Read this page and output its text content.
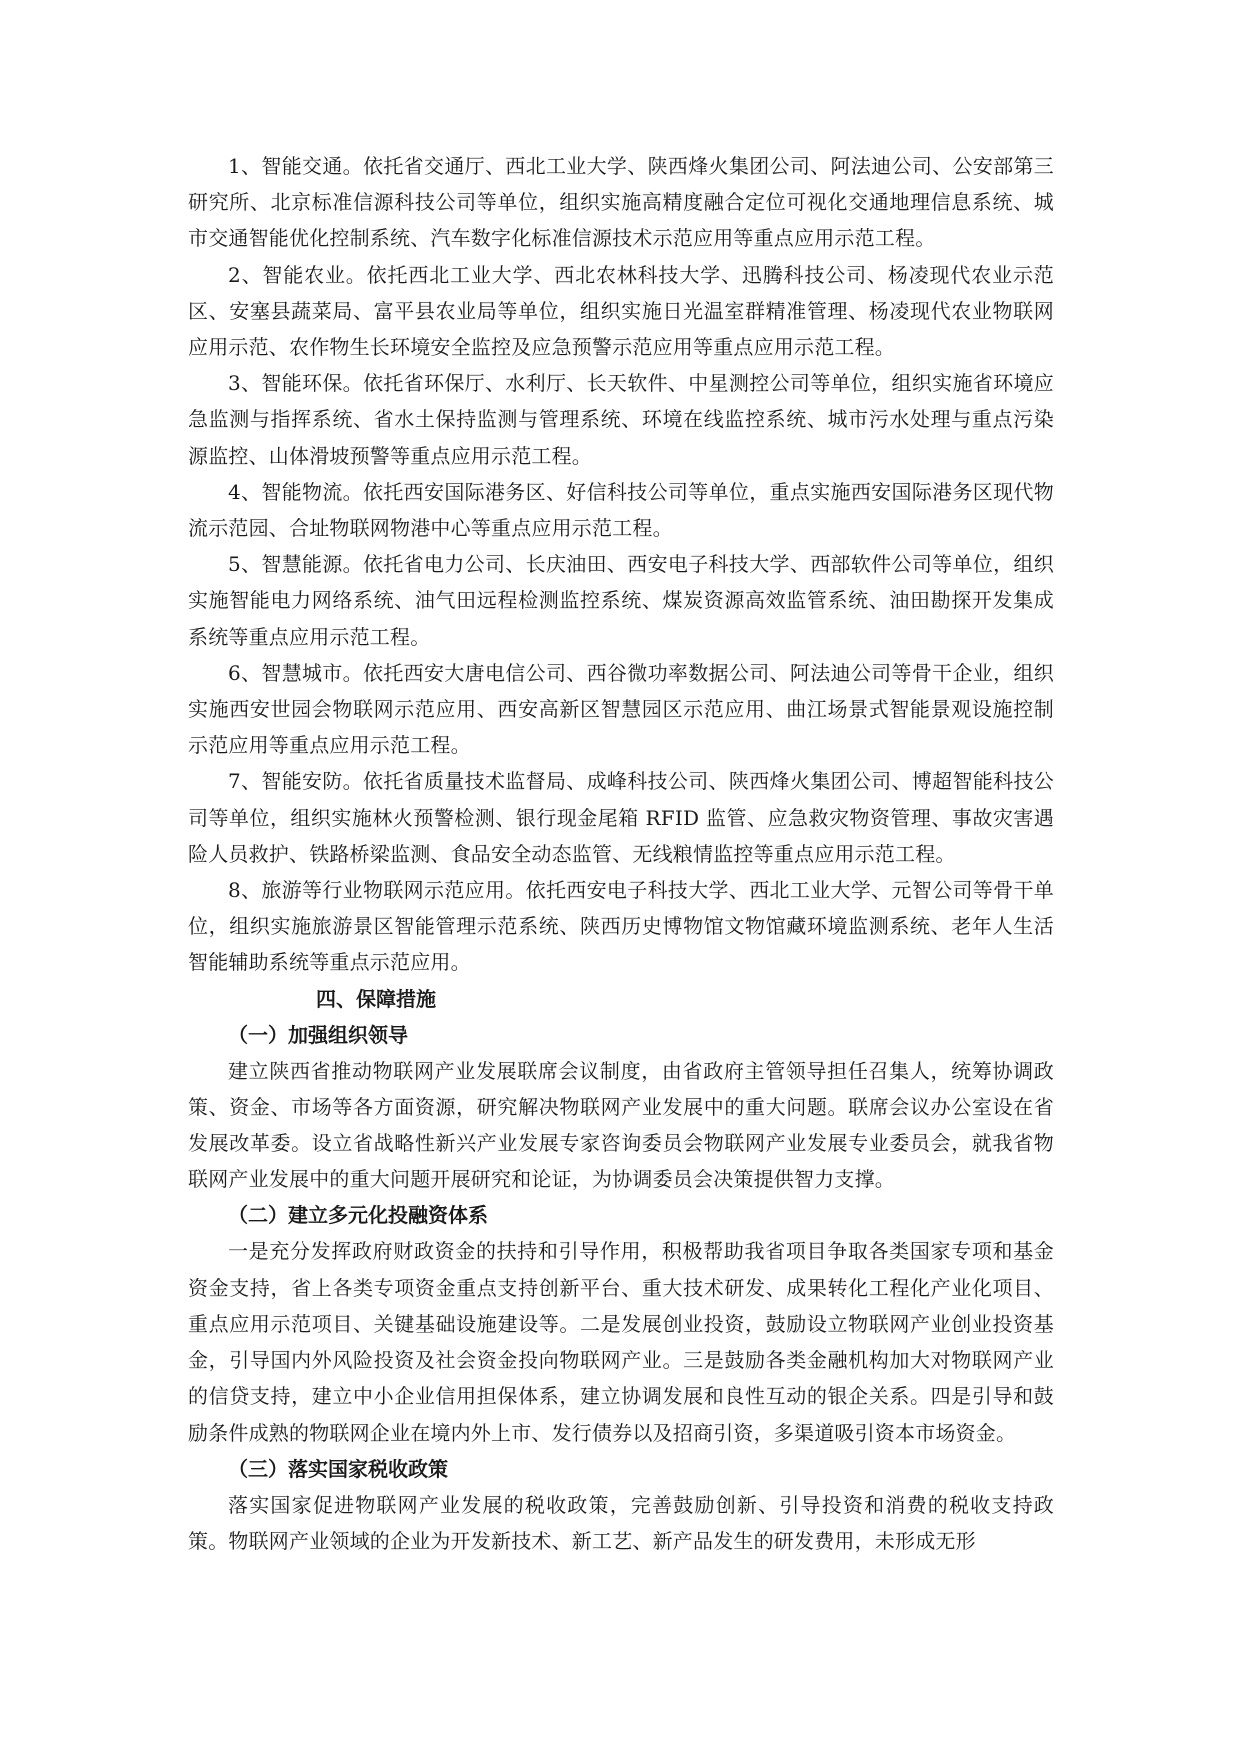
1、智能交通。依托省交通厅、西北工业大学、陕西烽火集团公司、阿法迪公司、公安部第三研究所、北京标准信源科技公司等单位，组织实施高精度融合定位可视化交通地理信息系统、城市交通智能优化控制系统、汽车数字化标准信源技术示范应用等重点应用示范工程。

2、智能农业。依托西北工业大学、西北农林科技大学、迅腾科技公司、杨凌现代农业示范区、安塞县蔬菜局、富平县农业局等单位，组织实施日光温室群精准管理、杨凌现代农业物联网应用示范、农作物生长环境安全监控及应急预警示范应用等重点应用示范工程。

3、智能环保。依托省环保厅、水利厅、长天软件、中星测控公司等单位，组织实施省环境应急监测与指挥系统、省水土保持监测与管理系统、环境在线监控系统、城市污水处理与重点污染源监控、山体滑坡预警等重点应用示范工程。

4、智能物流。依托西安国际港务区、好信科技公司等单位，重点实施西安国际港务区现代物流示范园、合址物联网物港中心等重点应用示范工程。

5、智慧能源。依托省电力公司、长庆油田、西安电子科技大学、西部软件公司等单位，组织实施智能电力网络系统、油气田远程检测监控系统、煤炭资源高效监管系统、油田勘探开发集成系统等重点应用示范工程。

6、智慧城市。依托西安大唐电信公司、西谷微功率数据公司、阿法迪公司等骨干企业，组织实施西安世园会物联网示范应用、西安高新区智慧园区示范应用、曲江场景式智能景观设施控制示范应用等重点应用示范工程。

7、智能安防。依托省质量技术监督局、成峰科技公司、陕西烽火集团公司、博超智能科技公司等单位，组织实施林火预警检测、银行现金尾箱 RFID 监管、应急救灾物资管理、事故灾害遇险人员救护、铁路桥梁监测、食品安全动态监管、无线粮情监控等重点应用示范工程。

8、旅游等行业物联网示范应用。依托西安电子科技大学、西北工业大学、元智公司等骨干单位，组织实施旅游景区智能管理示范系统、陕西历史博物馆文物馆藏环境监测系统、老年人生活智能辅助系统等重点示范应用。

四、保障措施
（一）加强组织领导

建立陕西省推动物联网产业发展联席会议制度，由省政府主管领导担任召集人，统筹协调政策、资金、市场等各方面资源，研究解决物联网产业发展中的重大问题。联席会议办公室设在省发展改革委。设立省战略性新兴产业发展专家咨询委员会物联网产业发展专业委员会，就我省物联网产业发展中的重大问题开展研究和论证，为协调委员会决策提供智力支撑。

（二）建立多元化投融资体系

一是充分发挥政府财政资金的扶持和引导作用，积极帮助我省项目争取各类国家专项和基金资金支持，省上各类专项资金重点支持创新平台、重大技术研发、成果转化工程化产业化项目、重点应用示范项目、关键基础设施建设等。二是发展创业投资，鼓励设立物联网产业创业投资基金，引导国内外风险投资及社会资金投向物联网产业。三是鼓励各类金融机构加大对物联网产业的信贷支持，建立中小企业信用担保体系，建立协调发展和良性互动的银企关系。四是引导和鼓励条件成熟的物联网企业在境内外上市、发行债券以及招商引资，多渠道吸引资本市场资金。

（三）落实国家税收政策

落实国家促进物联网产业发展的税收政策，完善鼓励创新、引导投资和消费的税收支持政策。物联网产业领域的企业为开发新技术、新工艺、新产品发生的研发费用，未形成无形
